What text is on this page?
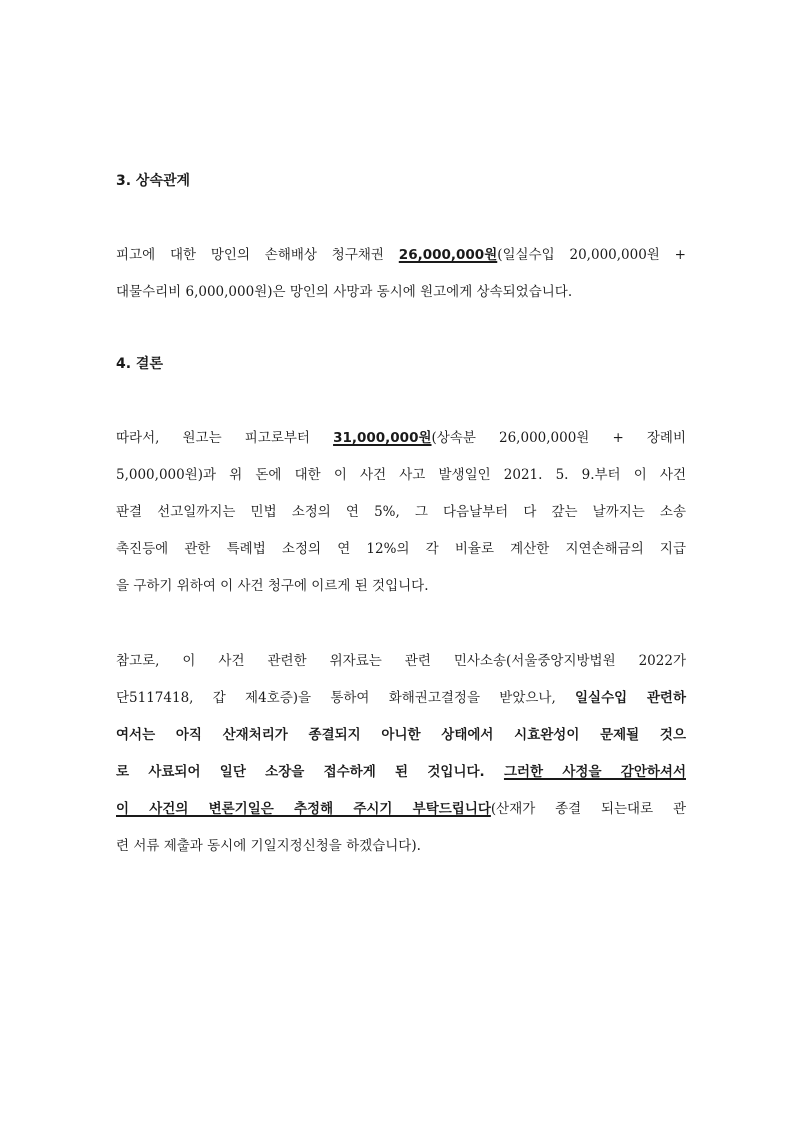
3. 상속관계

피고에 대한 망인의 손해배상 청구채권 26,000,000원(일실수입 20,000,000원 +

대물수리비 6,000,000원)은 망인의 사망과 동시에 원고에게 상속되었습니다.

4. 결론

따라서, 원고는 피고로부터 31,000,000원(상속분 26,000,000원 + 장례비

5,000,000원)과 위 돈에 대한 이 사건 사고 발생일인 2021. 5. 9.부터 이 사건

판결 선고일까지는 민법 소정의 연 5%, 그 다음날부터 다 갚는 날까지는 소송

촉진등에 관한 특례법 소정의 연 12%의 각 비율로 계산한 지연손해금의 지급

을 구하기 위하여 이 사건 청구에 이르게 된 것입니다.

참고로, 이 사건 관련한 위자료는 관련 민사소송(서울중앙지방법원 2022가

단5117418, 갑 제4호증)을 통하여 화해권고결정을 받았으나, 일실수입 관련하

여서는 아직 산재처리가 종결되지 아니한 상태에서 시효완성이 문제될 것으

로 사료되어 일단 소장을 접수하게 된 것입니다. 그러한 사정을 감안하셔서

이 사건의 변론기일은 추정해 주시기 부탁드립니다(산재가 종결 되는대로 관

련 서류 제출과 동시에 기일지정신청을 하겠습니다).
